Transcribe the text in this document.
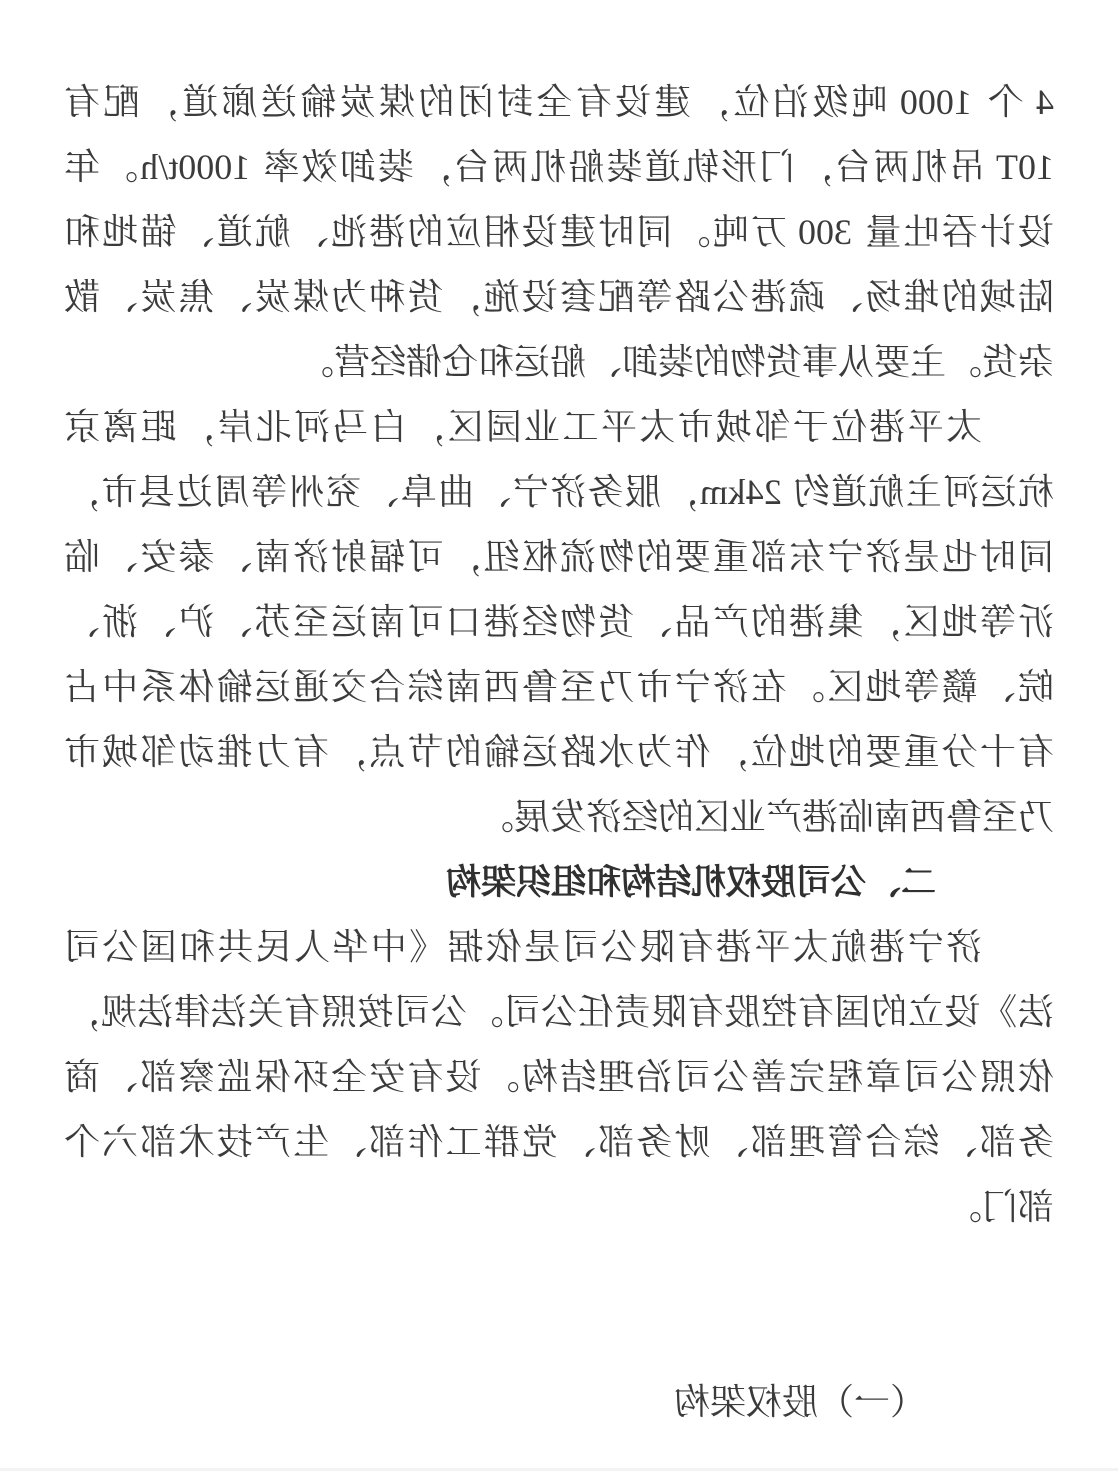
4 个 1000 吨级泊位，建设有全封闭的煤炭输送廊道，配有
10T 吊机两台，门形轨道装船机两台，装卸效率 1000t/h。年
设计吞吐量 300 万吨。同时建设相应的港池、航道、锚地和
陆域的堆场、疏港公路等配套设施，货种为煤炭、焦炭、散
杂货。主要从事货物的装卸、船运和仓储经营。
太平港位于邹城市太平工业园区，白马河北岸，距离京
杭运河主航道约 24km，服务济宁、曲阜、兖州等周边县市，
同时也是济宁东部重要的物流枢纽，可辐射济南、泰安、临
沂等地区，集港的产品、货物经港口可南运至苏、沪、浙、
皖、赣等地区。在济宁市乃至鲁西南综合交通运输体系中占
有十分重要的地位，作为水路运输的节点，有力推动邹城市
乃至鲁西南临港产业区的经济发展。
二、公司股权机结构和组织架构
济宁港航太平港有限公司是依据《中华人民共和国公司
法》设立的国有控股有限责任公司。公司按照有关法律法规，
依照公司章程完善公司治理结构。设有安全环保监察部、商
务部、综合管理部、财务部、党群工作部、生产技术部六个
部门。
（一）股权架构
